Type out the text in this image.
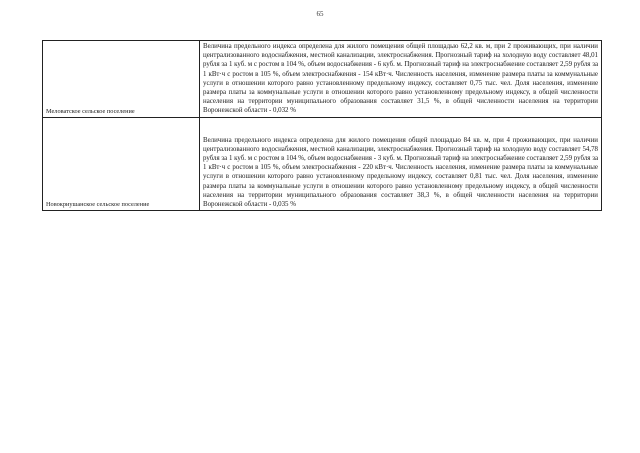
65
Меловатское сельское поселение	Величина предельного индекса определена для жилого помещения общей площадью 62,2 кв. м, при 2 проживающих, при наличии централизованного водоснабжения, местной канализации, электроснабжения. Прогнозный тариф на холодную воду составляет 48,01 рубля за 1 куб. м с ростом в 104 %, объем водоснабжения - 6 куб. м. Прогнозный тариф на электроснабжение составляет 2,59 рубля за 1 кВт·ч с ростом в 105 %, объем электроснабжения - 154 кВт·ч. Численность населения, изменение размера платы за коммунальные услуги в отношении которого равно установленному предельному индексу, составляет 0,75 тыс. чел. Доля населения, изменение размера платы за коммунальные услуги в отношении которого равно установленному предельному индексу, в общей численности населения на территории муниципального образования составляет 31,5 %, в общей численности населения на территории Воронежской области - 0,032 %

Новокриушанское сельское поселение	Величина предельного индекса определена для жилого помещения общей площадью 84 кв. м, при 4 проживающих, при наличии централизованного водоснабжения, местной канализации, электроснабжения. Прогнозный тариф на холодную воду составляет 54,78 рубля за 1 куб. м с ростом в 104 %, объем водоснабжения - 3 куб. м. Прогнозный тариф на электроснабжение составляет 2,59 рубля за 1 кВт·ч с ростом в 105 %, объем электроснабжения - 220 кВт·ч. Численность населения, изменение размера платы за коммунальные услуги в отношении которого равно установленному предельному индексу, составляет 0,81 тыс. чел. Доля населения, изменение размера платы за коммунальные услуги в отношении которого равно установленному предельному индексу, в общей численности населения на территории муниципального образования составляет 38,3 %, в общей численности населения на территории Воронежской области - 0,035 %
